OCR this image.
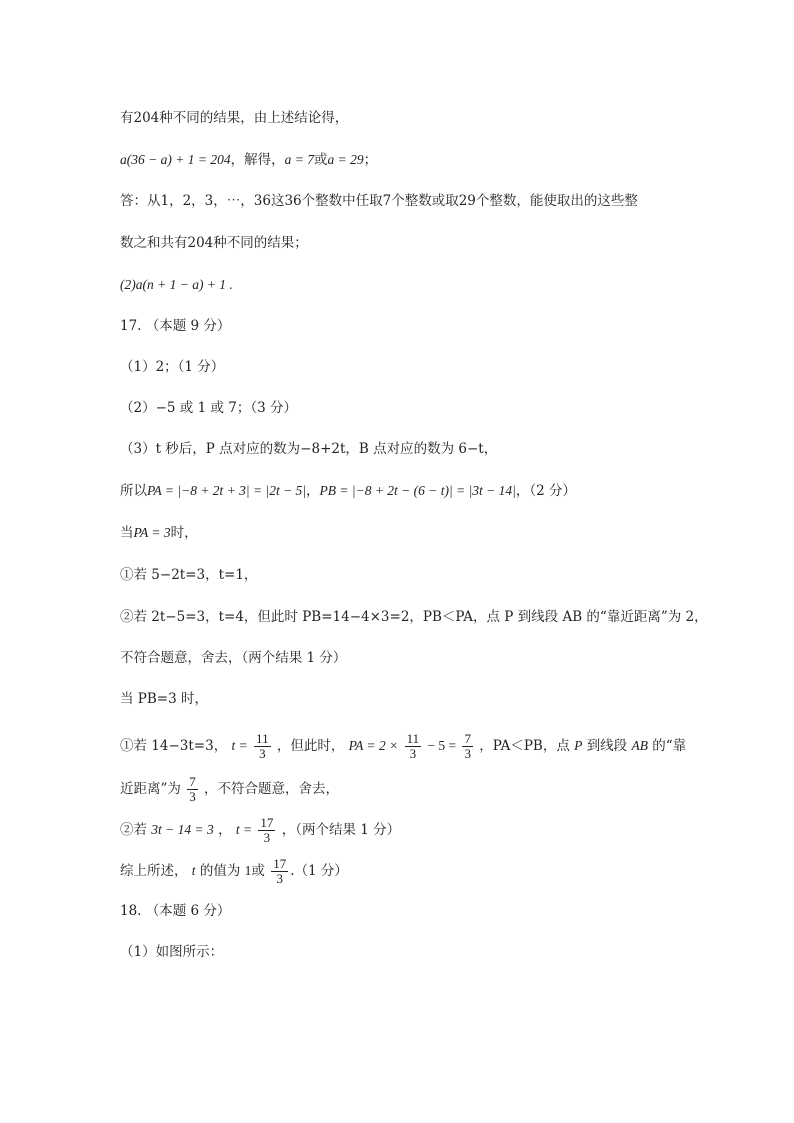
有204种不同的结果，由上述结论得，
a(36 − a) + 1 = 204，解得，a = 7或a = 29；
答：从1，2，3，⋯，36这36个整数中任取7个整数或取29个整数，能使取出的这些整
数之和共有204种不同的结果；
(2)a(n + 1 − a) + 1 .
17. （本题 9 分）
（1）2；（1 分）
（2）−5 或 1 或 7；（3 分）
（3）t 秒后，P 点对应的数为−8+2t，B 点对应的数为 6−t，
所以PA = |−8 + 2t + 3| = |2t − 5|，PB = |−8 + 2t − (6 − t)| = |3t − 14|，（2 分）
当PA = 3时，
①若 5−2t=3，t=1，
②若 2t−5=3，t=4，但此时 PB=14−4×3=2，PB＜PA，点 P 到线段 AB 的“靠近距离”为 2，
不符合题意，舍去，（两个结果 1 分）
当 PB=3 时，
①若 14−3t=3， $t = \frac{11}{3}$ ，但此时， PA = $2 \times \frac{11}{3} - 5 = \frac{7}{3}$ ，PA＜PB，点 P 到线段 AB 的“靠
近距离”为 $\frac{7}{3}$ ，不符合题意，舍去，
②若 3t − 14 = 3 ， $t = \frac{17}{3}$ ，（两个结果 1 分）
综上所述， t 的值为 1或 $\frac{17}{3} .(1$ 分）
18. （本题 6 分）
（1）如图所示：
